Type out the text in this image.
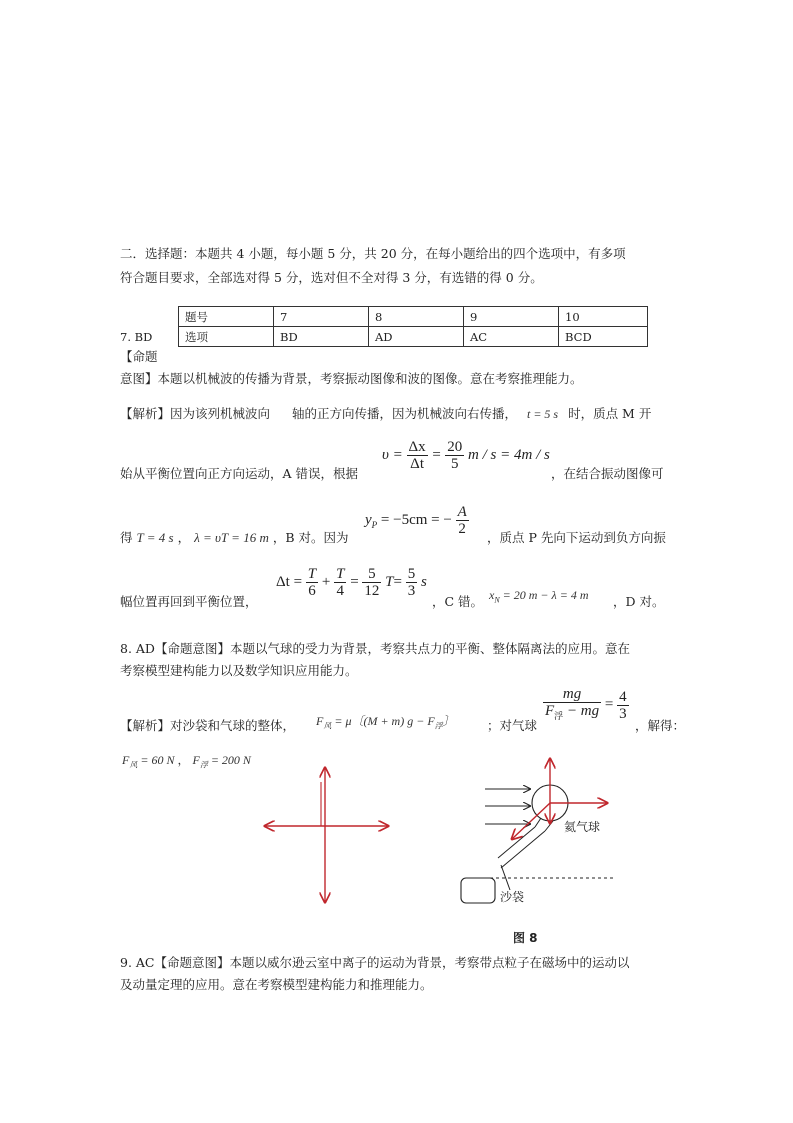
二．选择题：本题共 4 小题，每小题 5 分，共 20 分，在每小题给出的四个选项中，有多项
符合题目要求，全部选对得 5 分，选对但不全对得 3 分，有选错的得 0 分。
题号	7	8	9	10
选项	BD	AD	AC	BCD
7. BD
【命题
意图】本题以机械波的传播为背景，考察振动图像和波的图像。意在考察推理能力。
【解析】因为该列机械波向 轴的正方向传播，因为机械波向右传播， t = 5 s 时，质点 M 开
始从平衡位置向正方向运动，A 错误，根据
$\upsilon = \frac{\Delta x}{\Delta t} = \frac{20}{5}$ m / s = 4m / s
，在结合振动图像可
得 T = 4 s ， λ = υT = 16 m ，B 对。因为
$y_P = -5cm$ = − $\frac{A}{2}$
，质点 P 先向下运动到负方向振
幅位置再回到平衡位置，
$\Delta t = \frac{T}{6} + \frac{T}{4} = \frac{5}{12} T= \frac{5}{3}$ s
，C 错。 $x_N = 20$ m − λ = 4 m ，D 对。
8. AD【命题意图】本题以气球的受力为背景，考察共点力的平衡、整体隔离法的应用。意在
考察模型建构能力以及数学知识应用能力。
【解析】对沙袋和气球的整体， $F_风 = \mu$〔(M + m) $g - F_浮$〕	；对气球
$\frac{mg}{F_浮 - mg} = \frac{4}{3}$
，解得：
$F_风 = 60$ N ， $F_浮 = 200$ N
氦气球
沙袋
图 8
9. AC【命题意图】本题以威尔逊云室中离子的运动为背景，考察带点粒子在磁场中的运动以
及动量定理的应用。意在考察模型建构能力和推理能力。
